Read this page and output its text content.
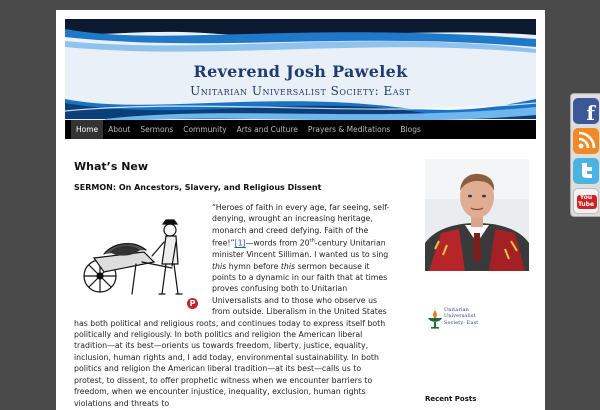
Reverend Josh Pawelek
Unitarian Universalist Society: East
Home	About	Sermons	Community	Arts and Culture	Prayers & Meditations	Blogs
What’s New
SERMON: On Ancestors, Slavery, and Religious Dissent
P
“Heroes of faith in every age, far seeing, self-denying, wrought an increasing heritage, monarch and creed defying. Faith of the free!”[1]—words from 20th-century Unitarian minister Vincent Silliman. I wanted us to sing this hymn before this sermon because it points to a dynamic in our faith that at times proves confusing both to Unitarian Universalists and to those who observe us from outside. Liberalism in the United States has both political and religious roots, and continues today to express itself both politically and religiously. In both politics and religion the American liberal tradition—at its best—orients us towards freedom, liberty, justice, equality, inclusion, human rights and, I add today, environmental sustainability. In both politics and religion the American liberal tradition—at its best—calls us to protest, to dissent, to offer prophetic witness when we encounter barriers to freedom, when we encounter injustice, inequality, exclusion, human rights violations and threats to
Unitarian
Universalist
Society: East
Recent Posts
f
You
Tube
